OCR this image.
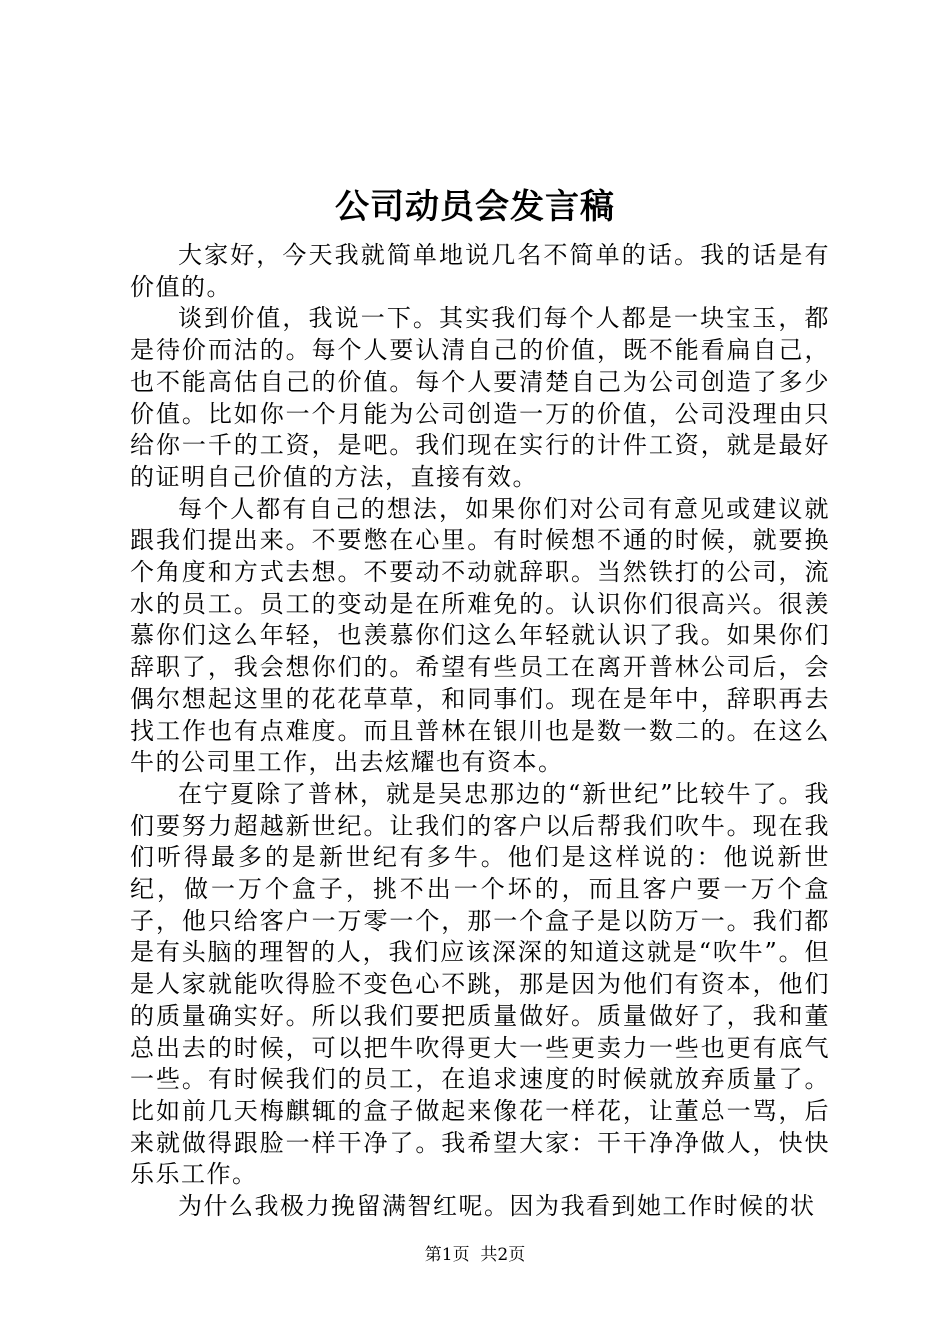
公司动员会发言稿

大家好，今天我就简单地说几名不简单的话。我的话是有价值的。

谈到价值，我说一下。其实我们每个人都是一块宝玉，都是待价而沽的。每个人要认清自己的价值，既不能看扁自己，也不能高估自己的价值。每个人要清楚自己为公司创造了多少价值。比如你一个月能为公司创造一万的价值，公司没理由只给你一千的工资，是吧。我们现在实行的计件工资，就是最好的证明自己价值的方法，直接有效。

每个人都有自己的想法，如果你们对公司有意见或建议就跟我们提出来。不要憋在心里。有时候想不通的时候，就要换个角度和方式去想。不要动不动就辞职。当然铁打的公司，流水的员工。员工的变动是在所难免的。认识你们很高兴。很羡慕你们这么年轻，也羡慕你们这么年轻就认识了我。如果你们辞职了，我会想你们的。希望有些员工在离开普林公司后，会偶尔想起这里的花花草草，和同事们。现在是年中，辞职再去找工作也有点难度。而且普林在银川也是数一数二的。在这么牛的公司里工作，出去炫耀也有资本。

在宁夏除了普林，就是吴忠那边的“新世纪”比较牛了。我们要努力超越新世纪。让我们的客户以后帮我们吹牛。现在我们听得最多的是新世纪有多牛。他们是这样说的：他说新世纪，做一万个盒子，挑不出一个坏的，而且客户要一万个盒子，他只给客户一万零一个，那一个盒子是以防万一。我们都是有头脑的理智的人，我们应该深深的知道这就是“吹牛”。但是人家就能吹得脸不变色心不跳，那是因为他们有资本，他们的质量确实好。所以我们要把质量做好。质量做好了，我和董总出去的时候，可以把牛吹得更大一些更卖力一些也更有底气一些。有时候我们的员工，在追求速度的时候就放弃质量了。比如前几天梅麒辄的盒子做起来像花一样花，让董总一骂，后来就做得跟脸一样干净了。我希望大家：干干净净做人，快快乐乐工作。

为什么我极力挽留满智红呢。因为我看到她工作时候的状

第1页  共2页
